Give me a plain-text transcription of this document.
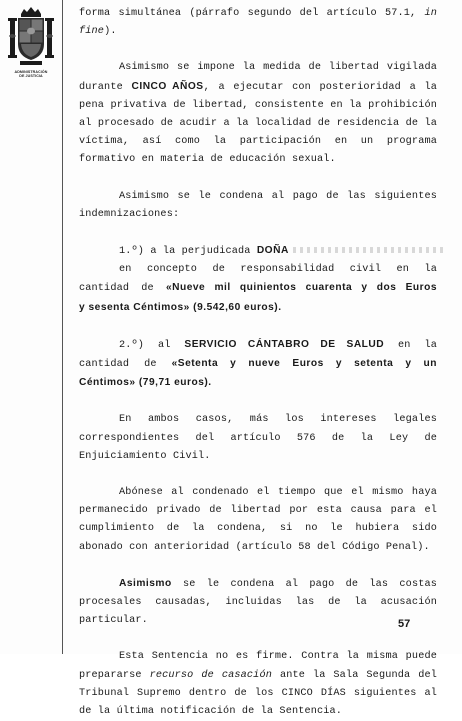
ADMINISTRACIÓN
DE JUSTICIA
forma simultánea (párrafo segundo del artículo 57.1, in
fine).
Asimismo se impone la medida de libertad vigilada
durante CINCO AÑOS, a ejecutar con posterioridad a la
pena privativa de libertad, consistente en la prohibición
al procesado de acudir a la localidad de residencia de la
víctima, así como la participación en un programa
formativo en materia de educación sexual.
Asimismo se le condena al pago de las siguientes
indemnizaciones:
1.º) a la perjudicada DOÑA
en concepto de responsabilidad civil en la
cantidad de «Nueve mil quinientos cuarenta y dos Euros
y sesenta Céntimos» (9.542,60 euros).
2.º) al SERVICIO CÁNTABRO DE SALUD en la
cantidad de «Setenta y nueve Euros y setenta y un
Céntimos» (79,71 euros).
En ambos casos, más los intereses legales
correspondientes del artículo 576 de la Ley de
Enjuiciamiento Civil.
Abónese al condenado el tiempo que el mismo haya
permanecido privado de libertad por esta causa para el
cumplimiento de la condena, si no le hubiera sido
abonado con anterioridad (artículo 58 del Código Penal).
Asimismo se le condena al pago de las costas
procesales causadas, incluidas las de la acusación
particular.
Esta Sentencia no es firme. Contra la misma puede
prepararse recurso de casación ante la Sala Segunda del
Tribunal Supremo dentro de los CINCO DÍAS siguientes al
de la última notificación de la Sentencia.
57
